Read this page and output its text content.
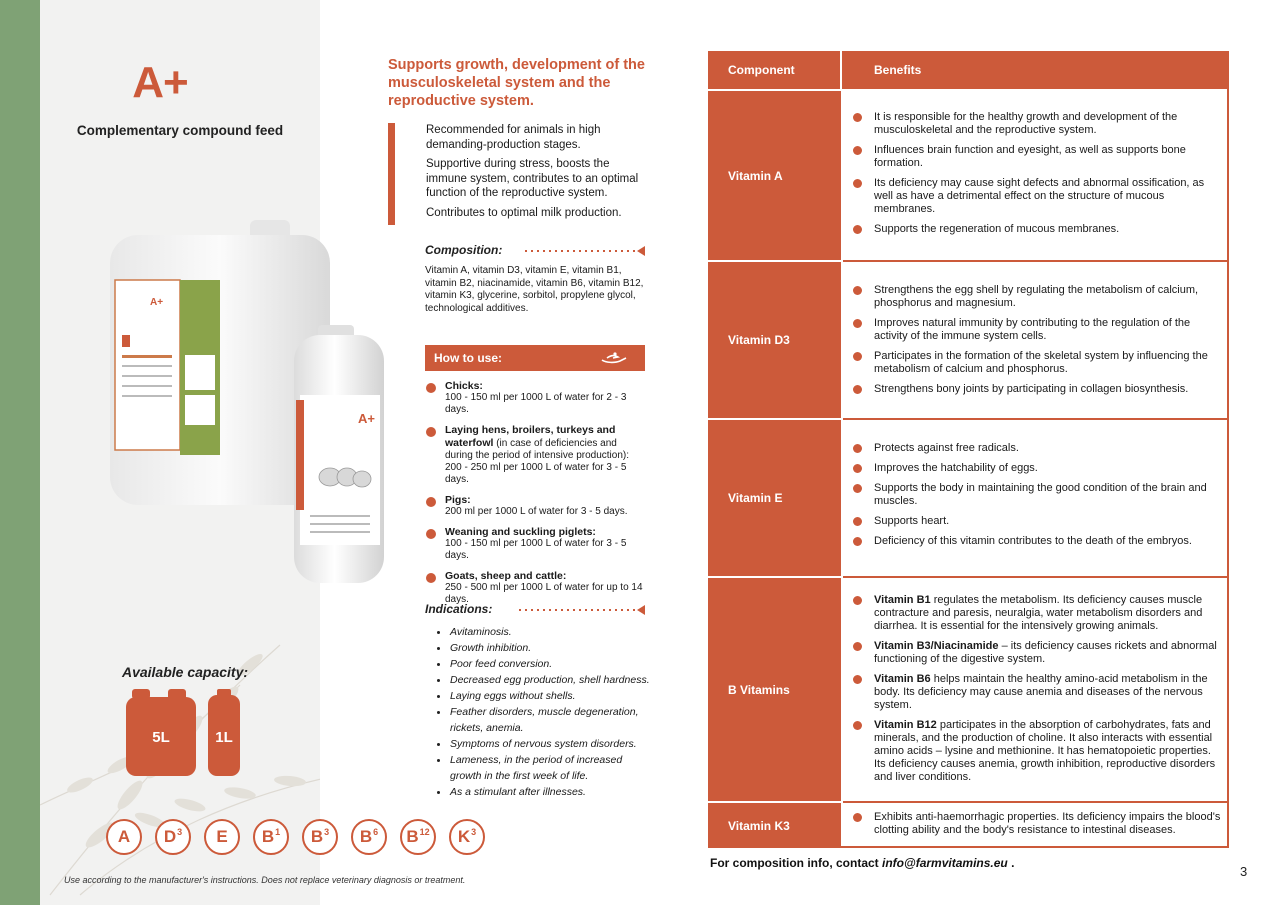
A+
Complementary compound feed
A+
A+
Available capacity:
5L	1L
A $D^3$ E $B^1$ $B^3$ $B^6$ $B^{12}$ $K^3$
Use according to the manufacturer's instructions. Does not replace veterinary diagnosis or treatment.
Supports growth, development of the musculoskeletal system and the reproductive system.

Recommended for animals in high demanding-production stages.

Supportive during stress, boosts the immune system, contributes to an optimal function of the reproductive system.

Contributes to optimal milk production.

Composition:
Vitamin A, vitamin D3, vitamin E, vitamin B1, vitamin B2, niacinamide, vitamin B6, vitamin B12, vitamin K3, glycerine, sorbitol, propylene glycol, technological additives.
How to use:
Chicks:
100 - 150 ml per 1000 L of water for 2 - 3 days.
Laying hens, broilers, turkeys and waterfowl (in case of deficiencies and during the period of intensive production):
200 - 250 ml per 1000 L of water for 3 - 5 days.
Pigs:
200 ml per 1000 L of water for 3 - 5 days.
Weaning and suckling piglets:
100 - 150 ml per 1000 L of water for 3 - 5 days.
Goats, sheep and cattle:
250 - 500 ml per 1000 L of water for up to 14 days.
Indications:
Avitaminosis.
Growth inhibition.
Poor feed conversion.
Decreased egg production, shell hardness.
Laying eggs without shells.
Feather disorders, muscle degeneration, rickets, anemia.
Symptoms of nervous system disorders.
Lameness, in the period of increased growth in the first week of life.
As a stimulant after illnesses.
Component	Benefits
Vitamin A
It is responsible for the healthy growth and development of the musculoskeletal and the reproductive system.
Influences brain function and eyesight, as well as supports bone formation.
Its deficiency may cause sight defects and abnormal ossification, as well as have a detrimental effect on the structure of mucous membranes.
Supports the regeneration of mucous membranes.
Vitamin D3
Strengthens the egg shell by regulating the metabolism of calcium, phosphorus and magnesium.
Improves natural immunity by contributing to the regulation of the activity of the immune system cells.
Participates in the formation of the skeletal system by influencing the metabolism of calcium and phosphorus.
Strengthens bony joints by participating in collagen biosynthesis.
Vitamin E
Protects against free radicals.
Improves the hatchability of eggs.
Supports the body in maintaining the good condition of the brain and muscles.
Supports heart.
Deficiency of this vitamin contributes to the death of the embryos.
B Vitamins
Vitamin B1 regulates the metabolism. Its deficiency causes muscle contracture and paresis, neuralgia, water metabolism disorders and diarrhea. It is essential for the intensively growing animals.
Vitamin B3/Niacinamide – its deficiency causes rickets and abnormal functioning of the digestive system.
Vitamin B6 helps maintain the healthy amino-acid metabolism in the body. Its deficiency may cause anemia and diseases of the nervous system.
Vitamin B12 participates in the absorption of carbohydrates, fats and minerals, and the production of choline. It also interacts with essential amino acids – lysine and methionine. It has hematopoietic properties. Its deficiency causes anemia, growth inhibition, reproductive disorders and liver conditions.
Vitamin K3
Exhibits anti-haemorrhagic properties. Its deficiency impairs the blood's clotting ability and the body's resistance to intestinal diseases.
For composition info, contact info@farmvitamins.eu .
3
